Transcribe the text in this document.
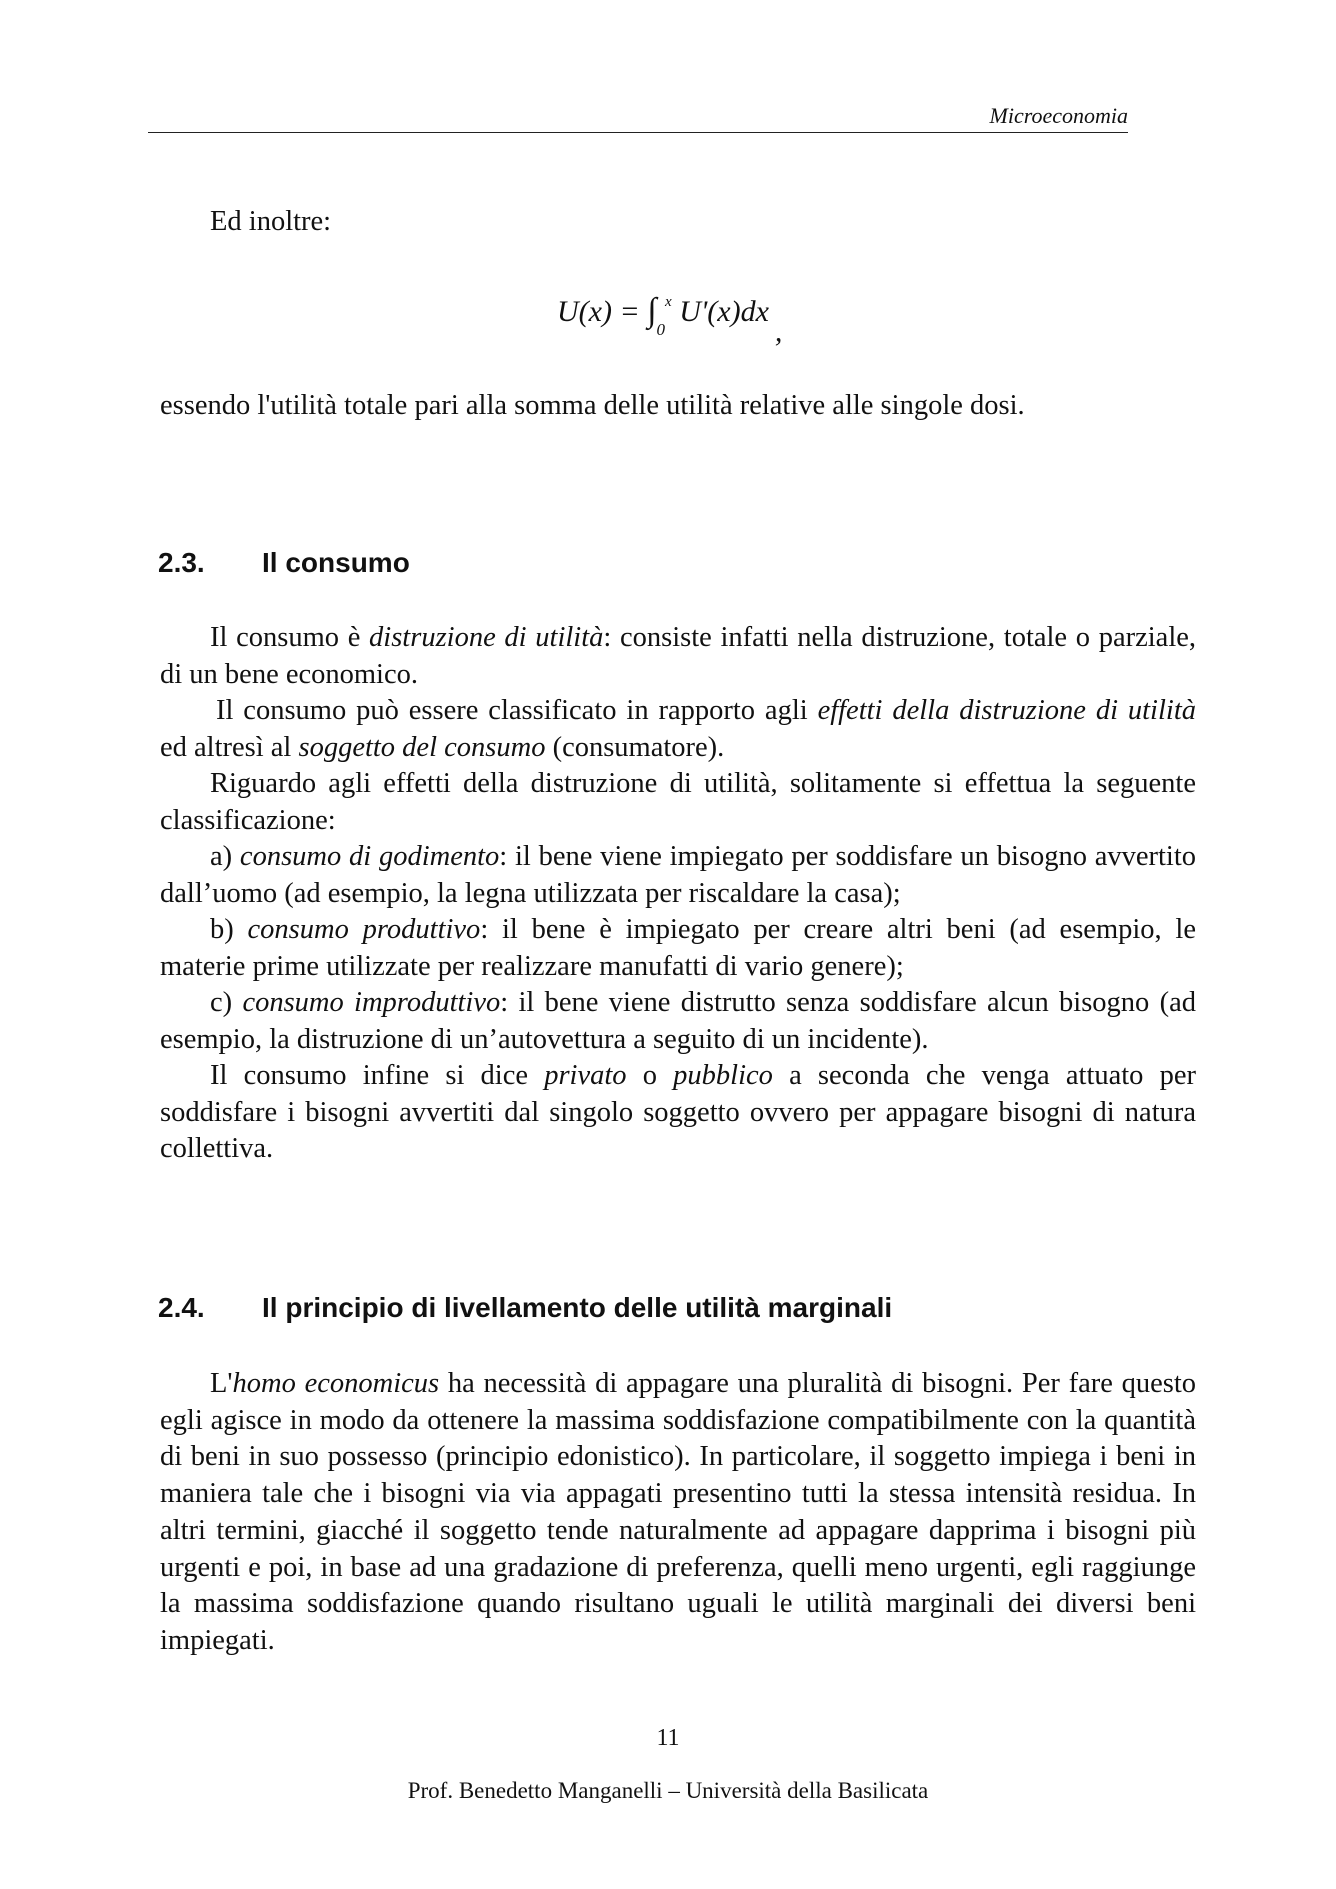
Microeconomia

Ed inoltre:

$U(x) = \int_0^x$ U'(x)dx,

essendo l'utilità totale pari alla somma delle utilità relative alle singole dosi.

2.3. Il consumo

Il consumo è distruzione di utilità: consiste infatti nella distruzione, totale o parziale, di un bene economico.

Il consumo può essere classificato in rapporto agli effetti della distruzione di utilità ed altresì al soggetto del consumo (consumatore).

Riguardo agli effetti della distruzione di utilità, solitamente si effettua la seguente classificazione:

a) consumo di godimento: il bene viene impiegato per soddisfare un bisogno avvertito dall’uomo (ad esempio, la legna utilizzata per riscaldare la casa);

b) consumo produttivo: il bene è impiegato per creare altri beni (ad esempio, le materie prime utilizzate per realizzare manufatti di vario genere);

c) consumo improduttivo: il bene viene distrutto senza soddisfare alcun bisogno (ad esempio, la distruzione di un’autovettura a seguito di un incidente).

Il consumo infine si dice privato o pubblico a seconda che venga attuato per soddisfare i bisogni avvertiti dal singolo soggetto ovvero per appagare bisogni di natura collettiva.

2.4. Il principio di livellamento delle utilità marginali

L'homo economicus ha necessità di appagare una pluralità di bisogni. Per fare questo egli agisce in modo da ottenere la massima soddisfazione compatibilmente con la quantità di beni in suo possesso (principio edonistico). In particolare, il soggetto impiega i beni in maniera tale che i bisogni via via appagati presentino tutti la stessa intensità residua. In altri termini, giacché il soggetto tende naturalmente ad appagare dapprima i bisogni più urgenti e poi, in base ad una gradazione di preferenza, quelli meno urgenti, egli raggiunge la massima soddisfazione quando risultano uguali le utilità marginali dei diversi beni impiegati.

11
Prof. Benedetto Manganelli – Università della Basilicata
